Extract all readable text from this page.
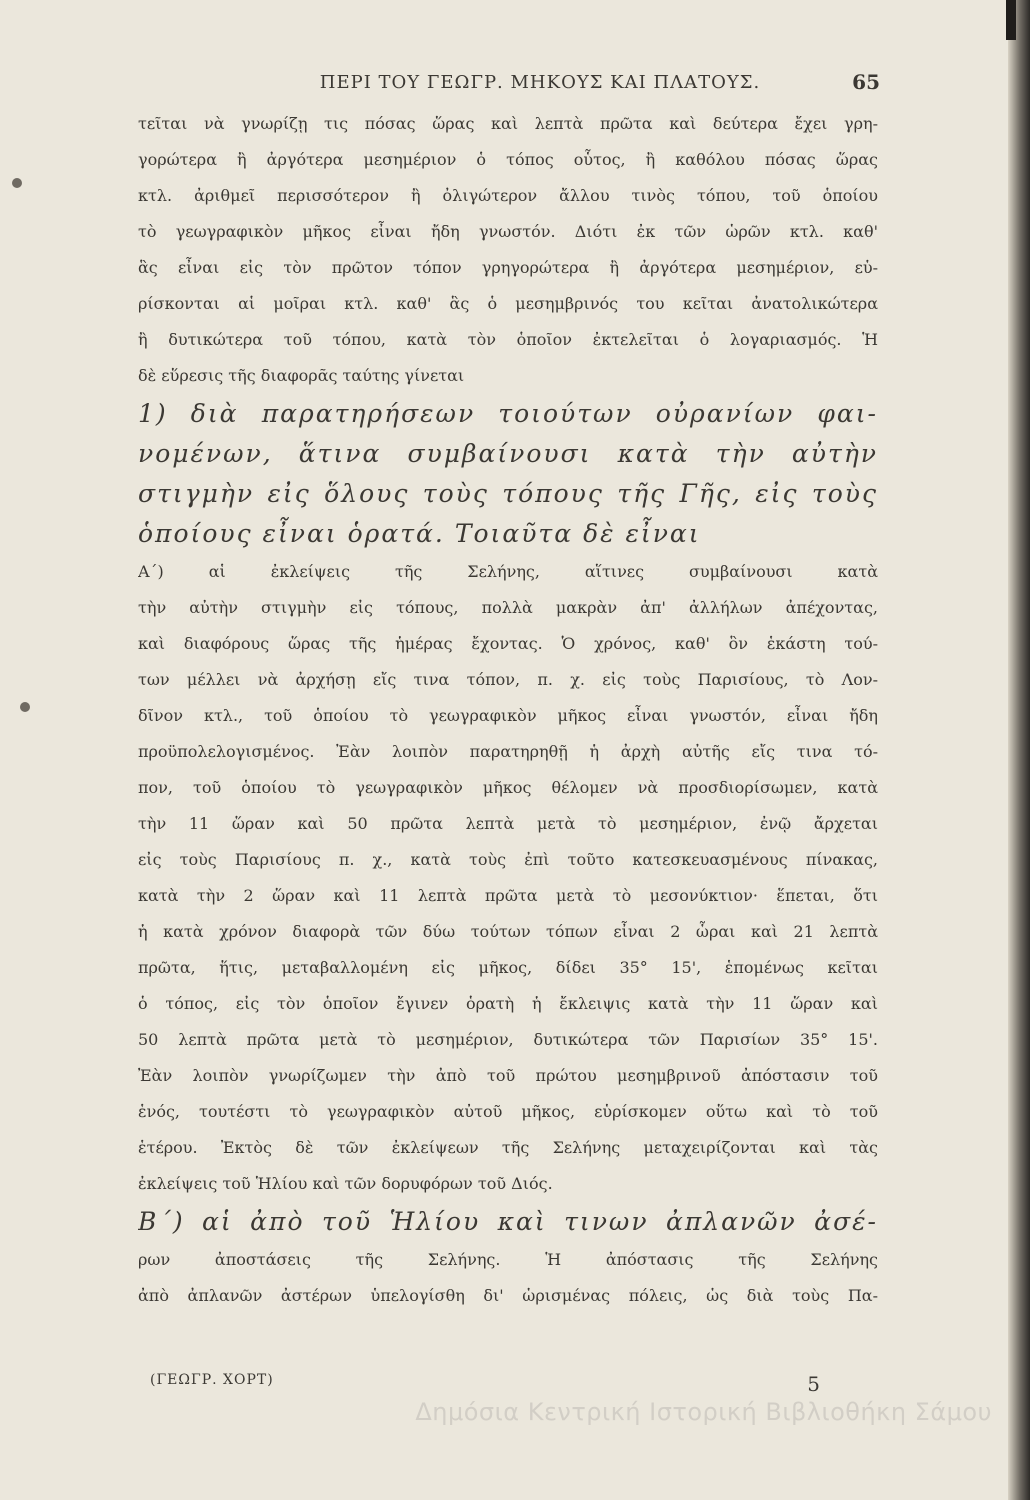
ΠΕΡΙ ΤΟΥ ΓΕΩΓΡ. ΜΗΚΟΥΣ ΚΑΙ ΠΛΑΤΟΥΣ.	65
τεῖται νὰ γνωρίζῃ τις πόσας ὥρας καὶ λεπτὰ πρῶτα καὶ δεύτερα ἔχει γρη-
γορώτερα ἢ ἀργότερα μεσημέριον ὁ τόπος οὗτος, ἢ καθόλου πόσας ὥρας
κτλ. ἀριθμεῖ περισσότερον ἢ ὀλιγώτερον ἄλλου τινὸς τόπου, τοῦ ὁποίου
τὸ γεωγραφικὸν μῆκος εἶναι ἤδη γνωστόν. Διότι ἐκ τῶν ὡρῶν κτλ. καθ'
ἃς εἶναι εἰς τὸν πρῶτον τόπον γρηγορώτερα ἢ ἀργότερα μεσημέριον, εὑ-
ρίσκονται αἱ μοῖραι κτλ. καθ' ἃς ὁ μεσημβρινός του κεῖται ἀνατολικώτερα
ἢ δυτικώτερα τοῦ τόπου, κατὰ τὸν ὁποῖον ἐκτελεῖται ὁ λογαριασμός. Ἡ
δὲ εὕρεσις τῆς διαφορᾶς ταύτης γίνεται
1) διὰ παρατηρήσεων τοιούτων οὐρανίων φαι-
νομένων, ἅτινα συμβαίνουσι κατὰ τὴν αὐτὴν
στιγμὴν εἰς ὅλους τοὺς τόπους τῆς Γῆς, εἰς τοὺς
ὁποίους εἶναι ὁρατά. Τοιαῦτα δὲ εἶναι
Α΄) αἱ ἐκλείψεις τῆς Σελήνης, αἵτινες συμβαίνουσι κατὰ
τὴν αὐτὴν στιγμὴν εἰς τόπους, πολλὰ μακρὰν ἀπ' ἀλλήλων ἀπέχοντας,
καὶ διαφόρους ὥρας τῆς ἡμέρας ἔχοντας. Ὁ χρόνος, καθ' ὃν ἑκάστη τού-
των μέλλει νὰ ἀρχήσῃ εἴς τινα τόπον, π. χ. εἰς τοὺς Παρισίους, τὸ Λον-
δῖνον κτλ., τοῦ ὁποίου τὸ γεωγραφικὸν μῆκος εἶναι γνωστόν, εἶναι ἤδη
προϋπολελογισμένος. Ἐὰν λοιπὸν παρατηρηθῇ ἡ ἀρχὴ αὐτῆς εἴς τινα τό-
πον, τοῦ ὁποίου τὸ γεωγραφικὸν μῆκος θέλομεν νὰ προσδιορίσωμεν, κατὰ
τὴν 11 ὥραν καὶ 50 πρῶτα λεπτὰ μετὰ τὸ μεσημέριον, ἐνῷ ἄρχεται
εἰς τοὺς Παρισίους π. χ., κατὰ τοὺς ἐπὶ τοῦτο κατεσκευασμένους πίνακας,
κατὰ τὴν 2 ὥραν καὶ 11 λεπτὰ πρῶτα μετὰ τὸ μεσονύκτιον· ἕπεται, ὅτι
ἡ κατὰ χρόνον διαφορὰ τῶν δύω τούτων τόπων εἶναι 2 ὧραι καὶ 21 λεπτὰ
πρῶτα, ἥτις, μεταβαλλομένη εἰς μῆκος, δίδει 35° 15', ἑπομένως κεῖται
ὁ τόπος, εἰς τὸν ὁποῖον ἔγινεν ὁρατὴ ἡ ἔκλειψις κατὰ τὴν 11 ὥραν καὶ
50 λεπτὰ πρῶτα μετὰ τὸ μεσημέριον, δυτικώτερα τῶν Παρισίων 35° 15'.
Ἐὰν λοιπὸν γνωρίζωμεν τὴν ἀπὸ τοῦ πρώτου μεσημβρινοῦ ἀπόστασιν τοῦ
ἑνός, τουτέστι τὸ γεωγραφικὸν αὐτοῦ μῆκος, εὑρίσκομεν οὕτω καὶ τὸ τοῦ
ἑτέρου. Ἐκτὸς δὲ τῶν ἐκλείψεων τῆς Σελήνης μεταχειρίζονται καὶ τὰς
ἐκλείψεις τοῦ Ἡλίου καὶ τῶν δορυφόρων τοῦ Διός.
Β΄) αἱ ἀπὸ τοῦ Ἡλίου καὶ τινων ἀπλανῶν ἀσέ-
ρων ἀποστάσεις τῆς Σελήνης. Ἡ ἀπόστασις τῆς Σελήνης
ἀπὸ ἀπλανῶν ἀστέρων ὑπελογίσθη δι' ὡρισμένας πόλεις, ὡς διὰ τοὺς Πα-
(ΓΕΩΓΡ. ΧΟΡΤ)	5
Δημόσια Κεντρική Ιστορική Βιβλιοθήκη Σάμου
